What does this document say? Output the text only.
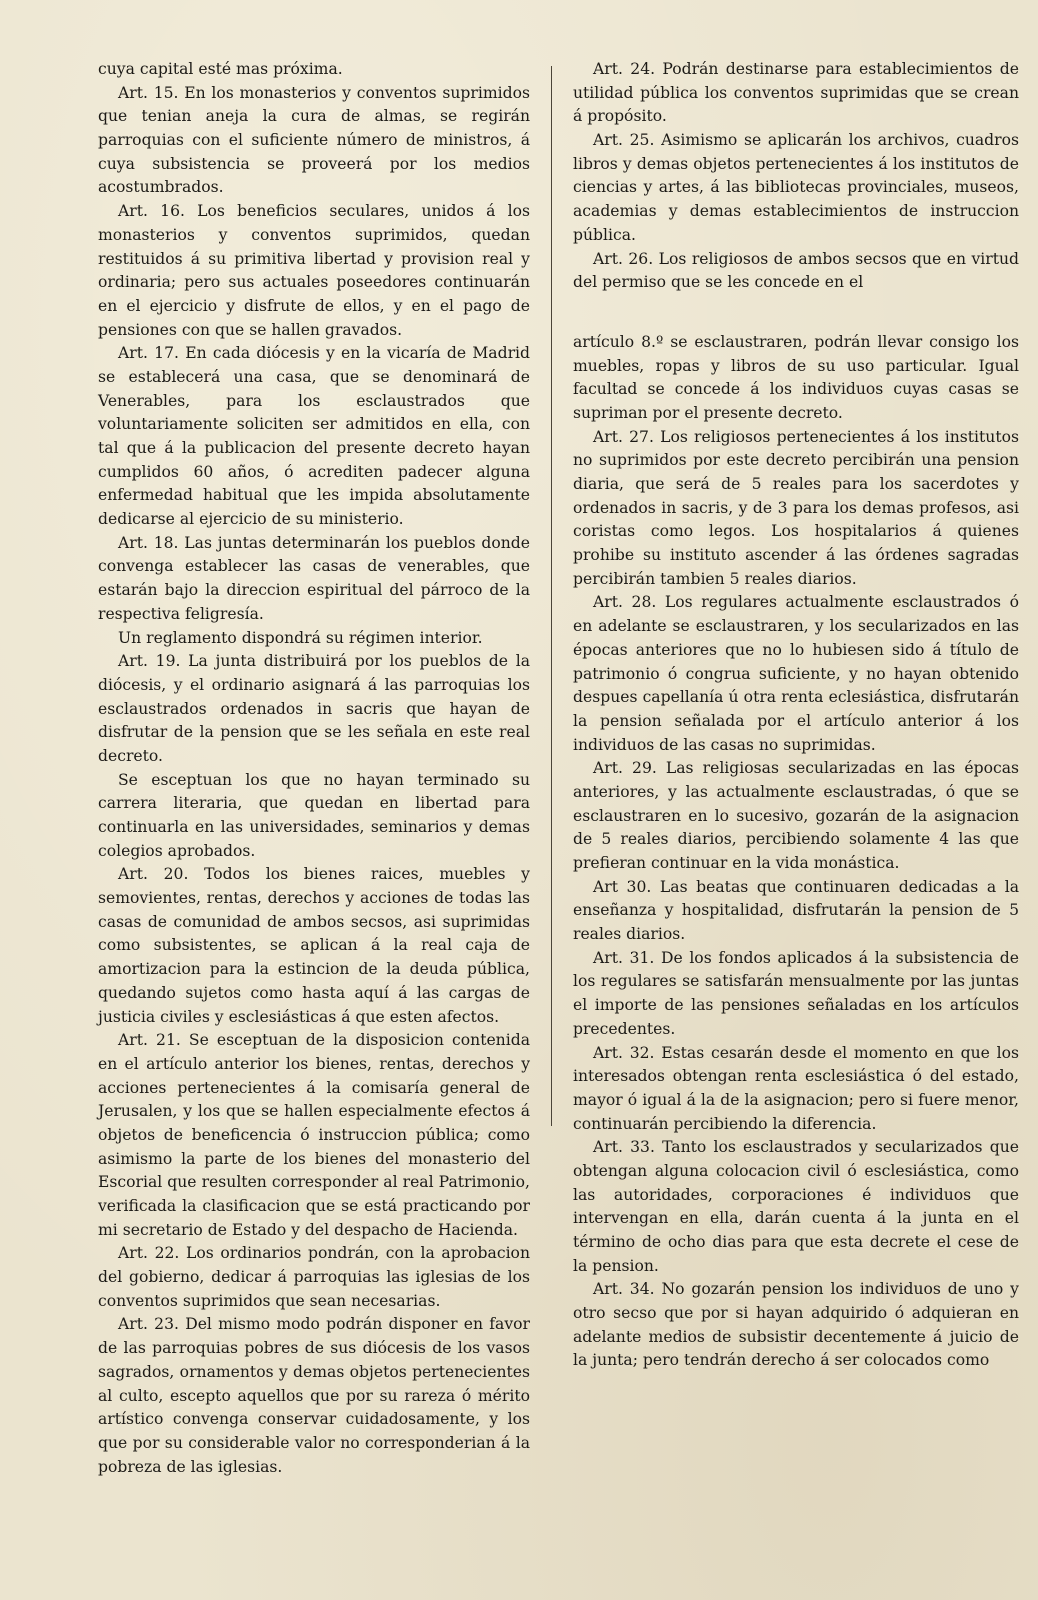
cuya capital esté mas próxima.

Art. 15. En los monasterios y conventos suprimidos que tenian aneja la cura de almas, se regirán parroquias con el suficiente número de ministros, á cuya subsistencia se proveerá por los medios acostumbrados.

Art. 16. Los beneficios seculares, unidos á los monasterios y conventos suprimidos, quedan restituidos á su primitiva libertad y provision real y ordinaria; pero sus actuales poseedores continuarán en el ejercicio y disfrute de ellos, y en el pago de pensiones con que se hallen gravados.

Art. 17. En cada diócesis y en la vicaría de Madrid se establecerá una casa, que se denominará de Venerables, para los esclaustrados que voluntariamente soliciten ser admitidos en ella, con tal que á la publicacion del presente decreto hayan cumplidos 60 años, ó acrediten padecer alguna enfermedad habitual que les impida absolutamente dedicarse al ejercicio de su ministerio.

Art. 18. Las juntas determinarán los pueblos donde convenga establecer las casas de venerables, que estarán bajo la direccion espiritual del párroco de la respectiva feligresía.

Un reglamento dispondrá su régimen interior.

Art. 19. La junta distribuirá por los pueblos de la diócesis, y el ordinario asignará á las parroquias los esclaustrados ordenados in sacris que hayan de disfrutar de la pension que se les señala en este real decreto.

Se esceptuan los que no hayan terminado su carrera literaria, que quedan en libertad para continuarla en las universidades, seminarios y demas colegios aprobados.

Art. 20. Todos los bienes raices, muebles y semovientes, rentas, derechos y acciones de todas las casas de comunidad de ambos secsos, asi suprimidas como subsistentes, se aplican á la real caja de amortizacion para la estincion de la deuda pública, quedando sujetos como hasta aquí á las cargas de justicia civiles y esclesiásticas á que esten afectos.

Art. 21. Se esceptuan de la disposicion contenida en el artículo anterior los bienes, rentas, derechos y acciones pertenecientes á la comisaría general de Jerusalen, y los que se hallen especialmente efectos á objetos de beneficencia ó instruccion pública; como asimismo la parte de los bienes del monasterio del Escorial que resulten corresponder al real Patrimonio, verificada la clasificacion que se está practicando por mi secretario de Estado y del despacho de Hacienda.

Art. 22. Los ordinarios pondrán, con la aprobacion del gobierno, dedicar á parroquias las iglesias de los conventos suprimidos que sean necesarias.

Art. 23. Del mismo modo podrán disponer en favor de las parroquias pobres de sus diócesis de los vasos sagrados, ornamentos y demas objetos pertenecientes al culto, escepto aquellos que por su rareza ó mérito artístico convenga conservar cuidadosamente, y los que por su considerable valor no corresponderian á la pobreza de las iglesias.

Art. 24. Podrán destinarse para establecimientos de utilidad pública los conventos suprimidas que se crean á propósito.

Art. 25. Asimismo se aplicarán los archivos, cuadros libros y demas objetos pertenecientes á los institutos de ciencias y artes, á las bibliotecas provinciales, museos, academias y demas establecimientos de instruccion pública.

Art. 26. Los religiosos de ambos secsos que en virtud del permiso que se les concede en el

artículo 8.º se esclaustraren, podrán llevar consigo los muebles, ropas y libros de su uso particular. Igual facultad se concede á los individuos cuyas casas se supriman por el presente decreto.

Art. 27. Los religiosos pertenecientes á los institutos no suprimidos por este decreto percibirán una pension diaria, que será de 5 reales para los sacerdotes y ordenados in sacris, y de 3 para los demas profesos, asi coristas como legos. Los hospitalarios á quienes prohibe su instituto ascender á las órdenes sagradas percibirán tambien 5 reales diarios.

Art. 28. Los regulares actualmente esclaustrados ó en adelante se esclaustraren, y los secularizados en las épocas anteriores que no lo hubiesen sido á título de patrimonio ó congrua suficiente, y no hayan obtenido despues capellanía ú otra renta eclesiástica, disfrutarán la pension señalada por el artículo anterior á los individuos de las casas no suprimidas.

Art. 29. Las religiosas secularizadas en las épocas anteriores, y las actualmente esclaustradas, ó que se esclaustraren en lo sucesivo, gozarán de la asignacion de 5 reales diarios, percibiendo solamente 4 las que prefieran continuar en la vida monástica.

Art 30. Las beatas que continuaren dedicadas a la enseñanza y hospitalidad, disfrutarán la pension de 5 reales diarios.

Art. 31. De los fondos aplicados á la subsistencia de los regulares se satisfarán mensualmente por las juntas el importe de las pensiones señaladas en los artículos precedentes.

Art. 32. Estas cesarán desde el momento en que los interesados obtengan renta esclesiástica ó del estado, mayor ó igual á la de la asignacion; pero si fuere menor, continuarán percibiendo la diferencia.

Art. 33. Tanto los esclaustrados y secularizados que obtengan alguna colocacion civil ó esclesiástica, como las autoridades, corporaciones é individuos que intervengan en ella, darán cuenta á la junta en el término de ocho dias para que esta decrete el cese de la pension.

Art. 34. No gozarán pension los individuos de uno y otro secso que por si hayan adquirido ó adquieran en adelante medios de subsistir decentemente á juicio de la junta; pero tendrán derecho á ser colocados como
